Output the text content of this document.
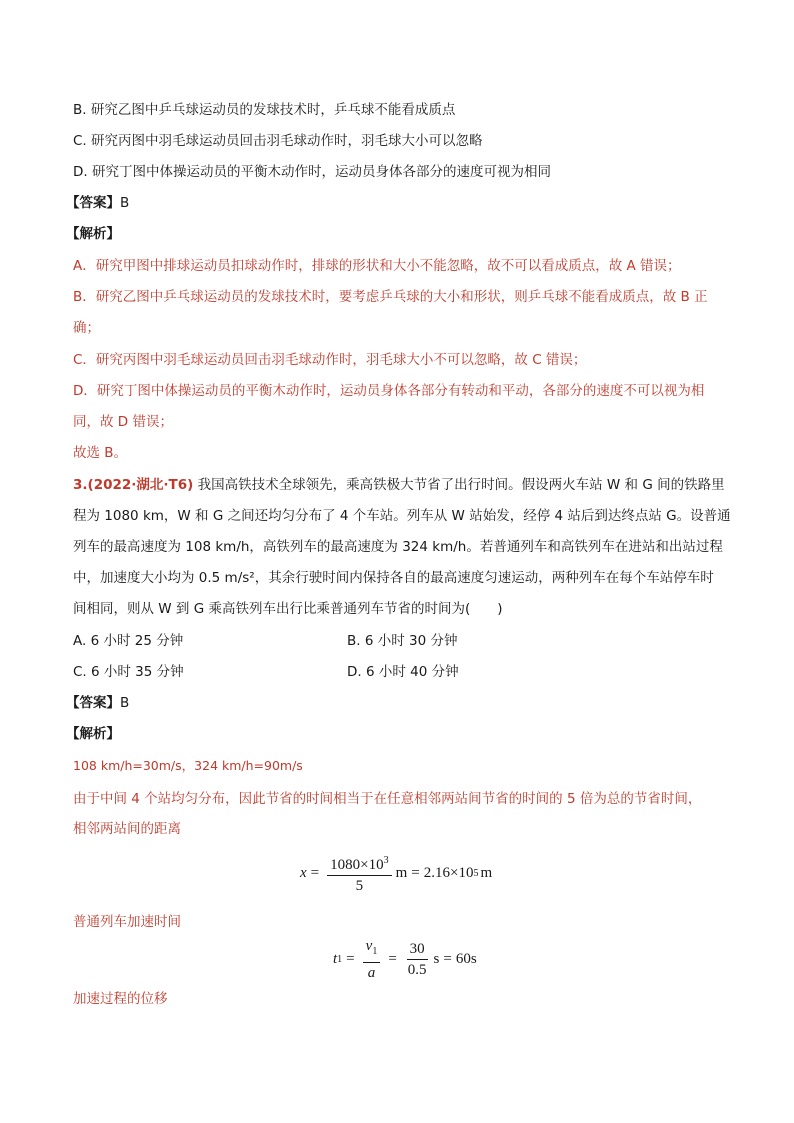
B. 研究乙图中乒乓球运动员的发球技术时，乒乓球不能看成质点
C. 研究丙图中羽毛球运动员回击羽毛球动作时，羽毛球大小可以忽略
D. 研究丁图中体操运动员的平衡木动作时，运动员身体各部分的速度可视为相同
【答案】B
【解析】
A．研究甲图中排球运动员扣球动作时，排球的形状和大小不能忽略，故不可以看成质点，故 A 错误；
B．研究乙图中乒乓球运动员的发球技术时，要考虑乒乓球的大小和形状，则乒乓球不能看成质点，故 B 正
确；
C．研究丙图中羽毛球运动员回击羽毛球动作时，羽毛球大小不可以忽略，故 C 错误；
D．研究丁图中体操运动员的平衡木动作时，运动员身体各部分有转动和平动，各部分的速度不可以视为相
同，故 D 错误；
故选 B。
3.(2022·湖北·T6) 我国高铁技术全球领先，乘高铁极大节省了出行时间。假设两火车站 W 和 G 间的铁路里
程为 1080 km，W 和 G 之间还均匀分布了 4 个车站。列车从 W 站始发，经停 4 站后到达终点站 G。设普通
列车的最高速度为 108 km/h，高铁列车的最高速度为 324 km/h。若普通列车和高铁列车在进站和出站过程
中，加速度大小均为 0.5 m/s²，其余行驶时间内保持各自的最高速度匀速运动，两种列车在每个车站停车时
间相同，则从 W 到 G 乘高铁列车出行比乘普通列车节省的时间为(　　)
A. 6 小时 25 分钟	B. 6 小时 30 分钟
C. 6 小时 35 分钟	D. 6 小时 40 分钟
【答案】B
【解析】
108 km/h=30m/s，324 km/h=90m/s
由于中间 4 个站均匀分布，因此节省的时间相当于在任意相邻两站间节省的时间的 5 倍为总的节省时间，
相邻两站间的距离
$x = \frac{1080\times 10^3}{5}$ m = 2.16×10 5 m
普通列车加速时间
t $1 = \frac{v_1}{a} = \frac{30}{0.5}$ s = 60s
加速过程的位移
